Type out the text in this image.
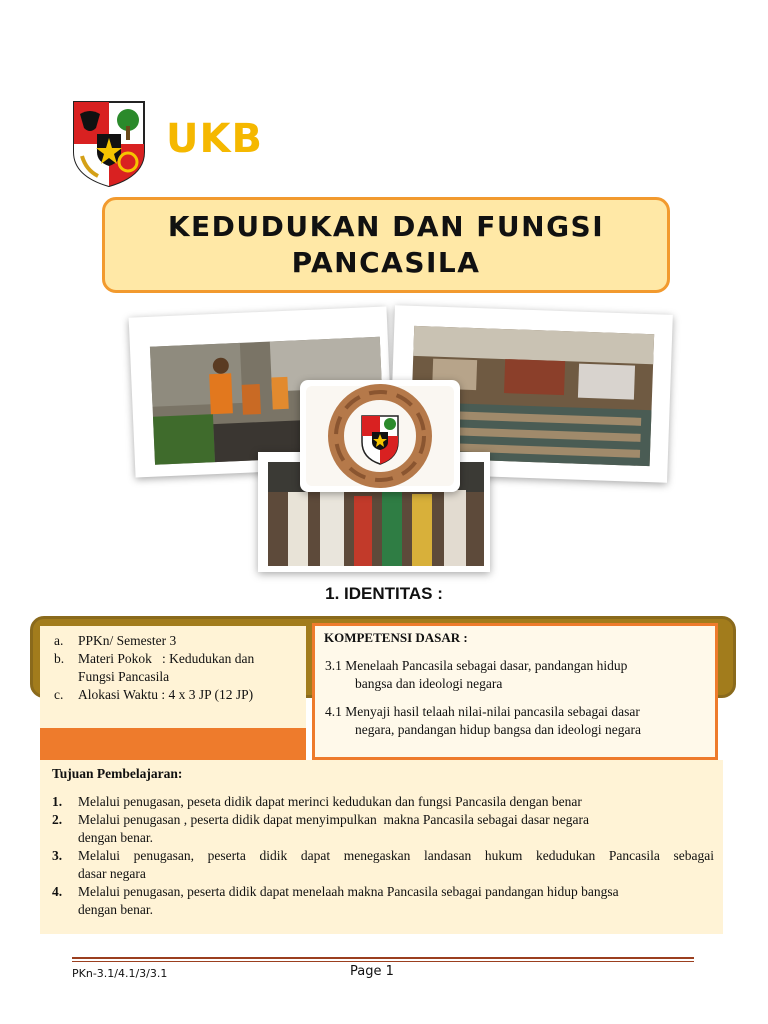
UKB
KEDUDUKAN DAN FUNGSI
PANCASILA
1. IDENTITAS :
a.	PPKn/ Semester 3
b.	Materi Pokok   : Kedudukan dan
Fungsi Pancasila
c.	Alokasi Waktu : 4 x 3 JP (12 JP)
KOMPETENSI DASAR :
3.1 Menelaah Pancasila sebagai dasar, pandangan hidup
bangsa dan ideologi negara
4.1 Menyaji hasil telaah nilai-nilai pancasila sebagai dasar
negara, pandangan hidup bangsa dan ideologi negara
Tujuan Pembelajaran:
1.	Melalui penugasan, peseta didik dapat merinci kedudukan dan fungsi Pancasila dengan benar
2.	Melalui penugasan , peserta didik dapat menyimpulkan  makna Pancasila sebagai dasar negara
dengan benar.
3.	Melalui penugasan, peserta didik dapat menegaskan landasan hukum kedudukan Pancasila sebagai
dasar negara
4.	Melalui penugasan, peserta didik dapat menelaah makna Pancasila sebagai pandangan hidup bangsa
dengan benar.
PKn-3.1/4.1/3/3.1	Page 1
